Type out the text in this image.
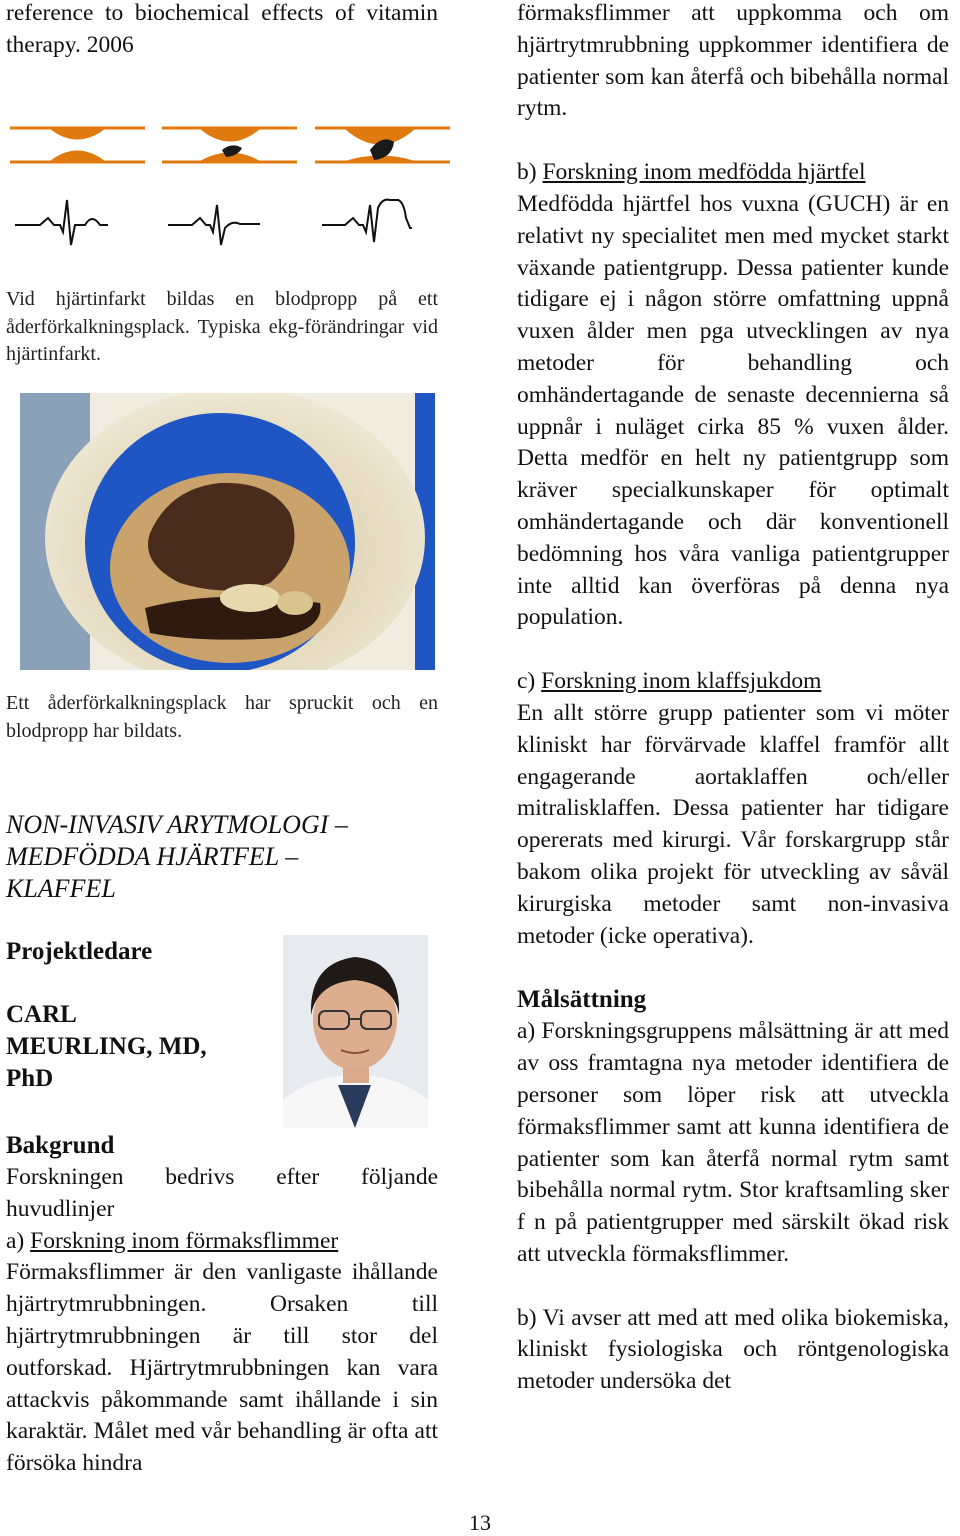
reference to biochemical effects of vitamin therapy. 2006

Vid hjärtinfarkt bildas en blodpropp på ett åderförkalkningsplack. Typiska ekg-förändringar vid hjärtinfarkt.

Ett åderförkalkningsplack har spruckit och en blodpropp har bildats.

NON-INVASIV ARYTMOLOGI –

MEDFÖDDA HJÄRTFEL –

KLAFFEL

Projektledare

CARL

MEURLING, MD,

PhD

Bakgrund

Forskningen bedrivs efter följande huvudlinjer

a) Forskning inom förmaksflimmer

Förmaksflimmer är den vanligaste ihållande hjärtrytmrubbningen. Orsaken till hjärtrytmrubbningen är till stor del outforskad. Hjärtrytmrubbningen kan vara attackvis påkommande samt ihållande i sin karaktär. Målet med vår behandling är ofta att försöka hindra

förmaksflimmer att uppkomma och om hjärtrytmrubbning uppkommer identifiera de patienter som kan återfå och bibehålla normal rytm.

b) Forskning inom medfödda hjärtfel

Medfödda hjärtfel hos vuxna (GUCH) är en relativt ny specialitet men med mycket starkt växande patientgrupp. Dessa patienter kunde tidigare ej i någon större omfattning uppnå vuxen ålder men pga utvecklingen av nya metoder för behandling och omhändertagande de senaste decennierna så uppnår i nuläget cirka 85 % vuxen ålder. Detta medför en helt ny patientgrupp som kräver specialkunskaper för optimalt omhändertagande och där konventionell bedömning hos våra vanliga patientgrupper inte alltid kan överföras på denna nya population.

c) Forskning inom klaffsjukdom

En allt större grupp patienter som vi möter kliniskt har förvärvade klaffel framför allt engagerande aortaklaffen och/eller mitralisklaffen. Dessa patienter har tidigare opererats med kirurgi. Vår forskargrupp står bakom olika projekt för utveckling av såväl kirurgiska metoder samt non-invasiva metoder (icke operativa).

Målsättning

a) Forskningsgruppens målsättning är att med av oss framtagna nya metoder identifiera de personer som löper risk att utveckla förmaksflimmer samt att kunna identifiera de patienter som kan återfå normal rytm samt bibehålla normal rytm. Stor kraftsamling sker f n på patientgrupper med särskilt ökad risk att utveckla förmaksflimmer.

b) Vi avser att med att med olika biokemiska, kliniskt fysiologiska och röntgenologiska metoder undersöka det

13
